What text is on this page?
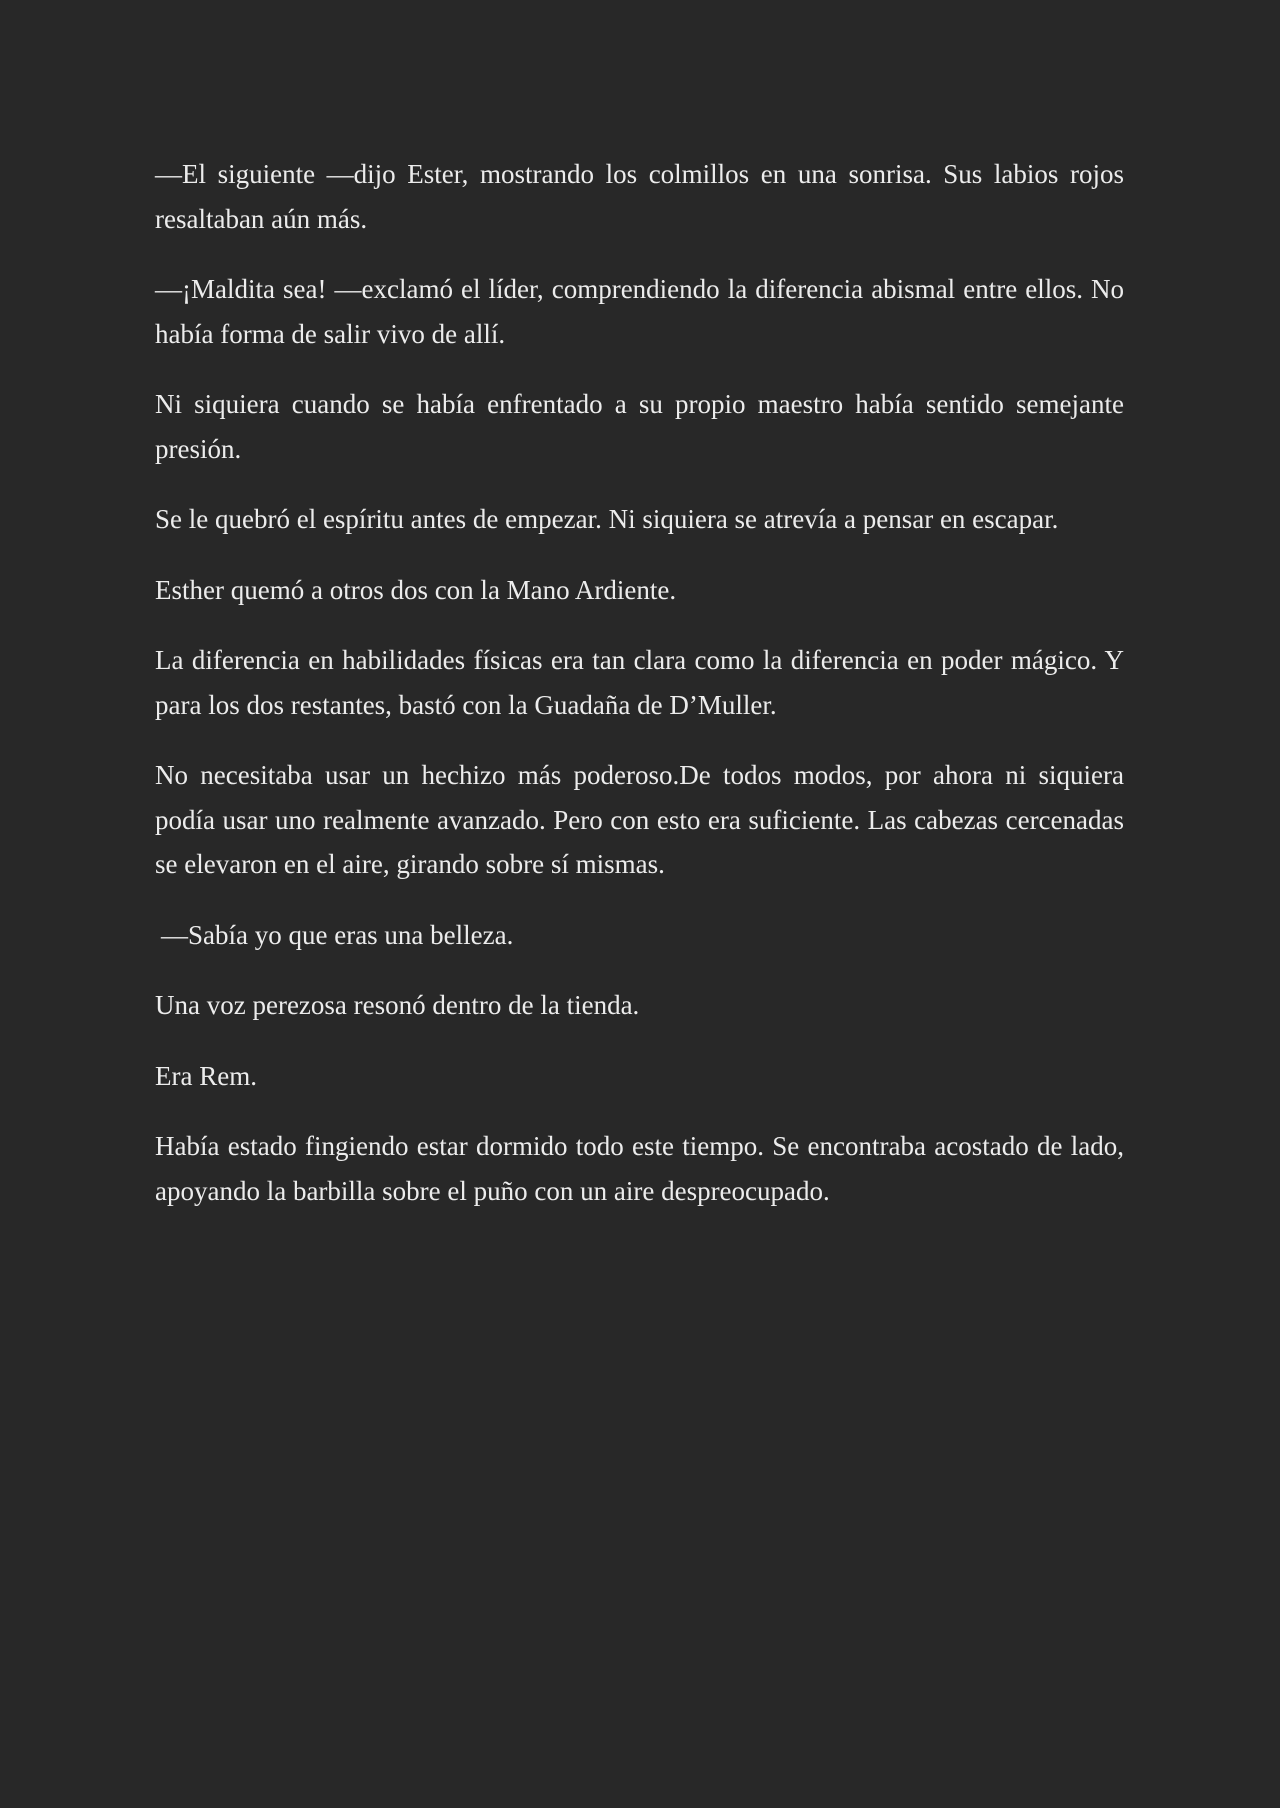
—El siguiente —dijo Ester, mostrando los colmillos en una sonrisa. Sus labios rojos resaltaban aún más.

—¡Maldita sea! —exclamó el líder, comprendiendo la diferencia abismal entre ellos. No había forma de salir vivo de allí.

Ni siquiera cuando se había enfrentado a su propio maestro había sentido semejante presión.

Se le quebró el espíritu antes de empezar. Ni siquiera se atrevía a pensar en escapar.

Esther quemó a otros dos con la Mano Ardiente.

La diferencia en habilidades físicas era tan clara como la diferencia en poder mágico. Y para los dos restantes, bastó con la Guadaña de D’Muller.

No necesitaba usar un hechizo más poderoso.De todos modos, por ahora ni siquiera podía usar uno realmente avanzado. Pero con esto era suficiente. Las cabezas cercenadas se elevaron en el aire, girando sobre sí mismas.

—Sabía yo que eras una belleza.

Una voz perezosa resonó dentro de la tienda.

Era Rem.

Había estado fingiendo estar dormido todo este tiempo. Se encontraba acostado de lado, apoyando la barbilla sobre el puño con un aire despreocupado.
